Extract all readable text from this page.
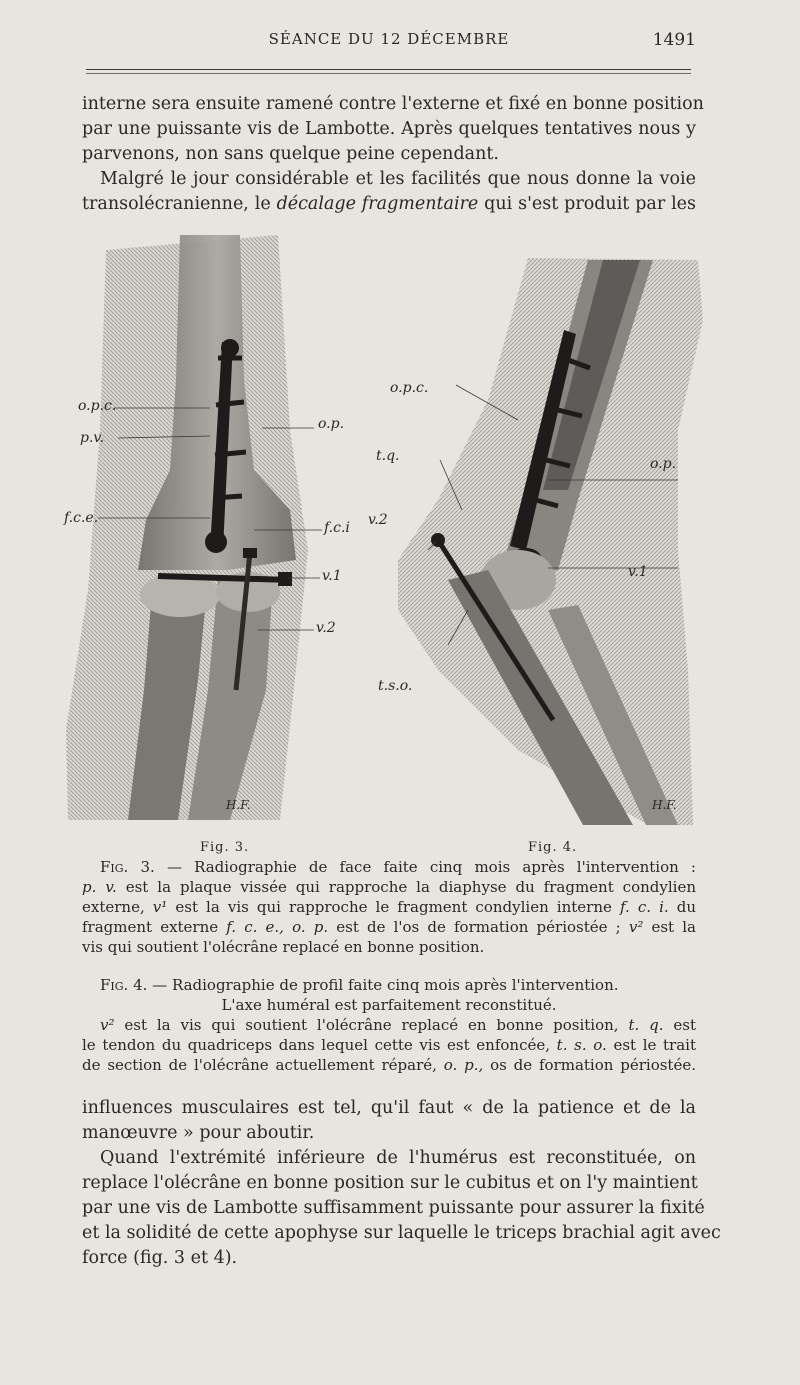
SÉANCE DU 12 DÉCEMBRE	1491
interne sera ensuite ramené contre l'externe et fixé en bonne position
par une puissante vis de Lambotte. Après quelques tentatives nous y
parvenons, non sans quelque peine cependant.
Malgré le jour considérable et les facilités que nous donne la voie
transolécranienne, le décalage fragmentaire qui s'est produit par les
o.p.c.
p.v.
o.p.
f.c.e.
f.c.i
v.1
v.2
H.F.
o.p.c.
t.q.	o.p.
v.2
v.1
t.s.o.
H.F.
Fig. 3.	Fig. 4.
Fig. 3. — Radiographie de face faite cinq mois après l'intervention :
p. v. est la plaque vissée qui rapproche la diaphyse du fragment condylien
externe, v¹ est la vis qui rapproche le fragment condylien interne f. c. i. du
fragment externe f. c. e., o. p. est de l'os de formation périostée ; v² est la
vis qui soutient l'olécrâne replacé en bonne position.
Fig. 4. — Radiographie de profil faite cinq mois après l'intervention.
L'axe huméral est parfaitement reconstitué.
v² est la vis qui soutient l'olécrâne replacé en bonne position, t. q. est
le tendon du quadriceps dans lequel cette vis est enfoncée, t. s. o. est le trait
de section de l'olécrâne actuellement réparé, o. p., os de formation périostée.
influences musculaires est tel, qu'il faut « de la patience et de la
manœuvre » pour aboutir.
Quand l'extrémité inférieure de l'humérus est reconstituée, on
replace l'olécrâne en bonne position sur le cubitus et on l'y maintient
par une vis de Lambotte suffisamment puissante pour assurer la fixité
et la solidité de cette apophyse sur laquelle le triceps brachial agit avec
force (fig. 3 et 4).
